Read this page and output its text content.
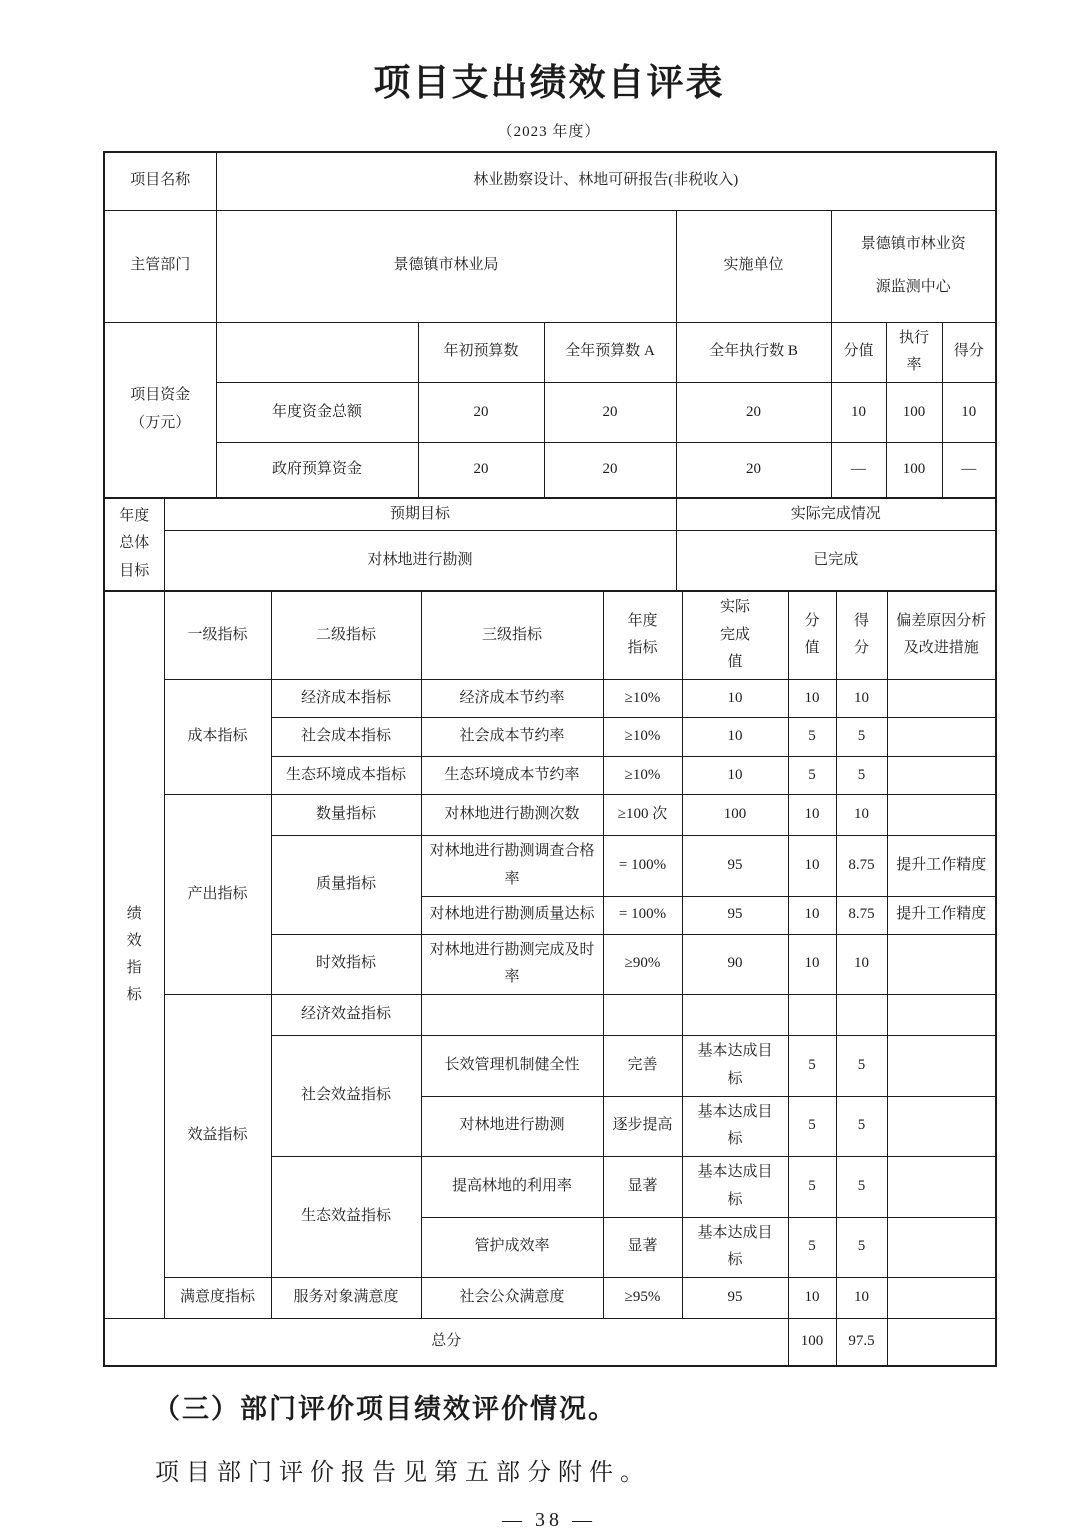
项目支出绩效自评表
（2023 年度）
项目名称	林业勘察设计、林地可研报告(非税收入)						
主管部门	景德镇市林业局			实施单位	景德镇市林业资源监测中心		
项目资金（万元）		年初预算数	全年预算数 A	全年执行数 B	分值	执行率	得分
	年度资金总额	20	20	20	10	100	10
	政府预算资金	20	20	20	—	100	—
年度总体目标	预期目标	实际完成情况
	对林地进行勘测	已完成
绩效指标	一级指标	二级指标	三级指标	年度指标	实际完成值	分值	得分	偏差原因分析及改进措施
	成本指标	经济成本指标	经济成本节约率	≥10%	10	10	10	
		社会成本指标	社会成本节约率	≥10%	10	5	5	
		生态环境成本指标	生态环境成本节约率	≥10%	10	5	5	
	产出指标	数量指标	对林地进行勘测次数	≥100 次	100	10	10	
		质量指标	对林地进行勘测调查合格率	= 100%	95	10	8.75	提升工作精度
			对林地进行勘测质量达标	= 100%	95	10	8.75	提升工作精度
		时效指标	对林地进行勘测完成及时率	≥90%	90	10	10	
	效益指标	经济效益指标						
		社会效益指标	长效管理机制健全性	完善	基本达成目标	5	5	
			对林地进行勘测	逐步提高	基本达成目标	5	5	
		生态效益指标	提高林地的利用率	显著	基本达成目标	5	5	
			管护成效率	显著	基本达成目标	5	5	
	满意度指标	服务对象满意度	社会公众满意度	≥95%	95	10	10	
总分						100	97.5	
（三）部门评价项目绩效评价情况。
项目部门评价报告见第五部分附件。
— 38 —
